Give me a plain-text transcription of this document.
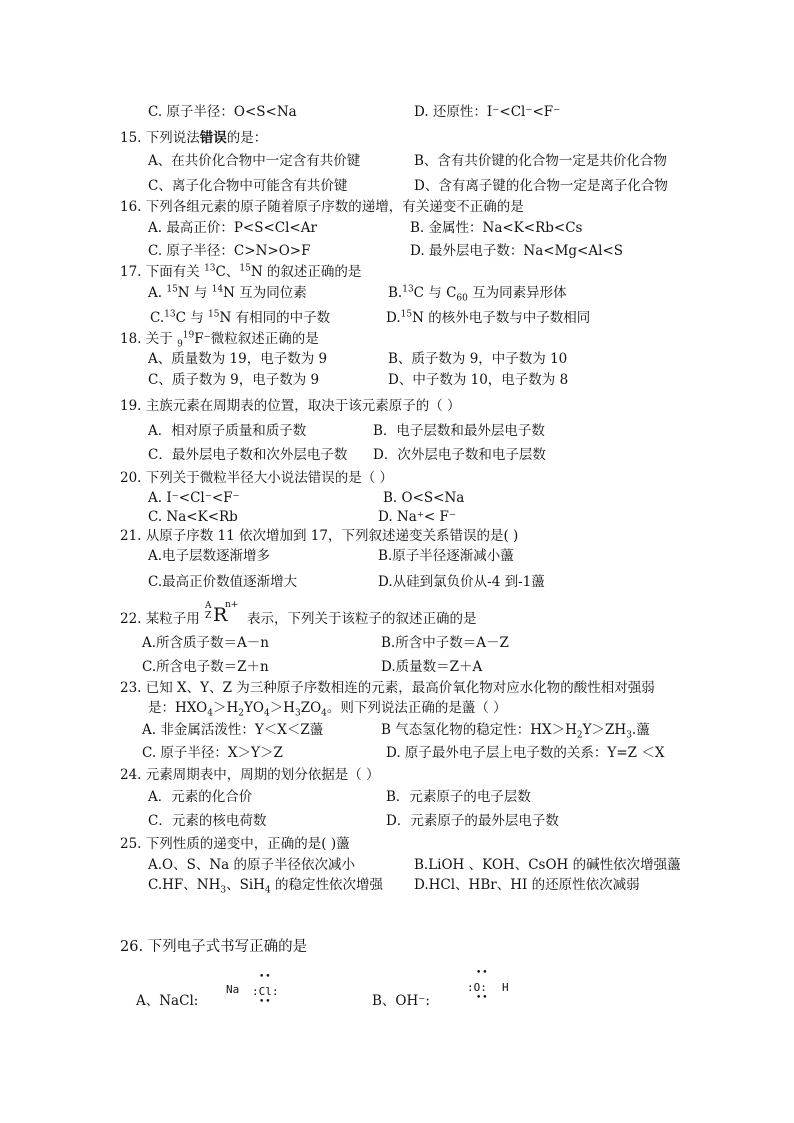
C. 原子半径：O<S<Na	D. 还原性：I⁻<Cl⁻<F⁻
15. 下列说法错误的是：
A、在共价化合物中一定含有共价键	B、含有共价键的化合物一定是共价化合物
C、离子化合物中可能含有共价键	D、含有离子键的化合物一定是离子化合物
16. 下列各组元素的原子随着原子序数的递增，有关递变不正确的是
A. 最高正价：P<S<Cl<Ar	B. 金属性：Na<K<Rb<Cs
C. 原子半径：C>N>O>F	D. 最外层电子数：Na<Mg<Al<S
17. 下面有关 $^{13}$C、$^{15}$N 的叙述正确的是
A. $^{15}$N 与 $^{14}$N 互为同位素	B.$^{13}$C 与 $C_{60}$ 互为同素异形体
C.$^{13}$C 与 $^{15}$N 有相同的中子数	D.$^{15}$N 的核外电子数与中子数相同
18. 关于 $_9^{19}$F⁻微粒叙述正确的是
A、质量数为 19，电子数为 9	B、质子数为 9，中子数为 10
C、质子数为 9，电子数为 9	D、中子数为 10，电子数为 8
19. 主族元素在周期表的位置，取决于该元素原子的（ ）
A．相对原子质量和质子数	B．电子层数和最外层电子数
C．最外层电子数和次外层电子数 D．次外层电子数和电子层数
20. 下列关于微粒半径大小说法错误的是（ ）
A. I⁻<Cl⁻<F⁻	B. O<S<Na
C. Na<K<Rb	D. Na⁺< F⁻
21. 从原子序数 11 依次增加到 17，下列叙述递变关系错误的是( )
A.电子层数逐渐增多	B.原子半径逐渐减小蘯
C.最高正价数值逐渐增大	D.从硅到氯负价从-4 到-1蘯
22. 某粒子用
A
Z R
n+
表示，下列关于该粒子的叙述正确的是
A.所含质子数＝A－n	B.所含中子数＝A－Z
C.所含电子数＝Z＋n	D.质量数＝Z＋A
23. 已知 X、Y、Z 为三种原子序数相连的元素，最高价氧化物对应水化物的酸性相对强弱
是：$HXO_4>H_2YO_4>H_3ZO_4$。则下列说法正确的是蘯（ ）
A. 非金属活泼性：Y＜X＜Z蘯	B 气态氢化物的稳定性：$HX>H_2Y>ZH_3$.蘯
C. 原子半径：X＞Y＞Z	D. 原子最外电子层上电子数的关系：Y=Z ＜X
24. 元素周期表中，周期的划分依据是（ ）
A．元素的化合价	B．元素原子的电子层数
C．元素的核电荷数	D．元素原子的最外层电子数
25. 下列性质的递变中，正确的是( )蘯
A.O、S、Na 的原子半径依次减小	B.LiOH 、KOH、CsOH 的碱性依次增强蘯
C.HF、$NH_3$、SiH$_4$ 的稳定性依次增强 D.HCl、HBr、HI 的还原性依次减弱
26. 下列电子式书写正确的是
A、NaCl:
Na
••
:Cl:
••	B、OH⁻:
••
:O: H
••
